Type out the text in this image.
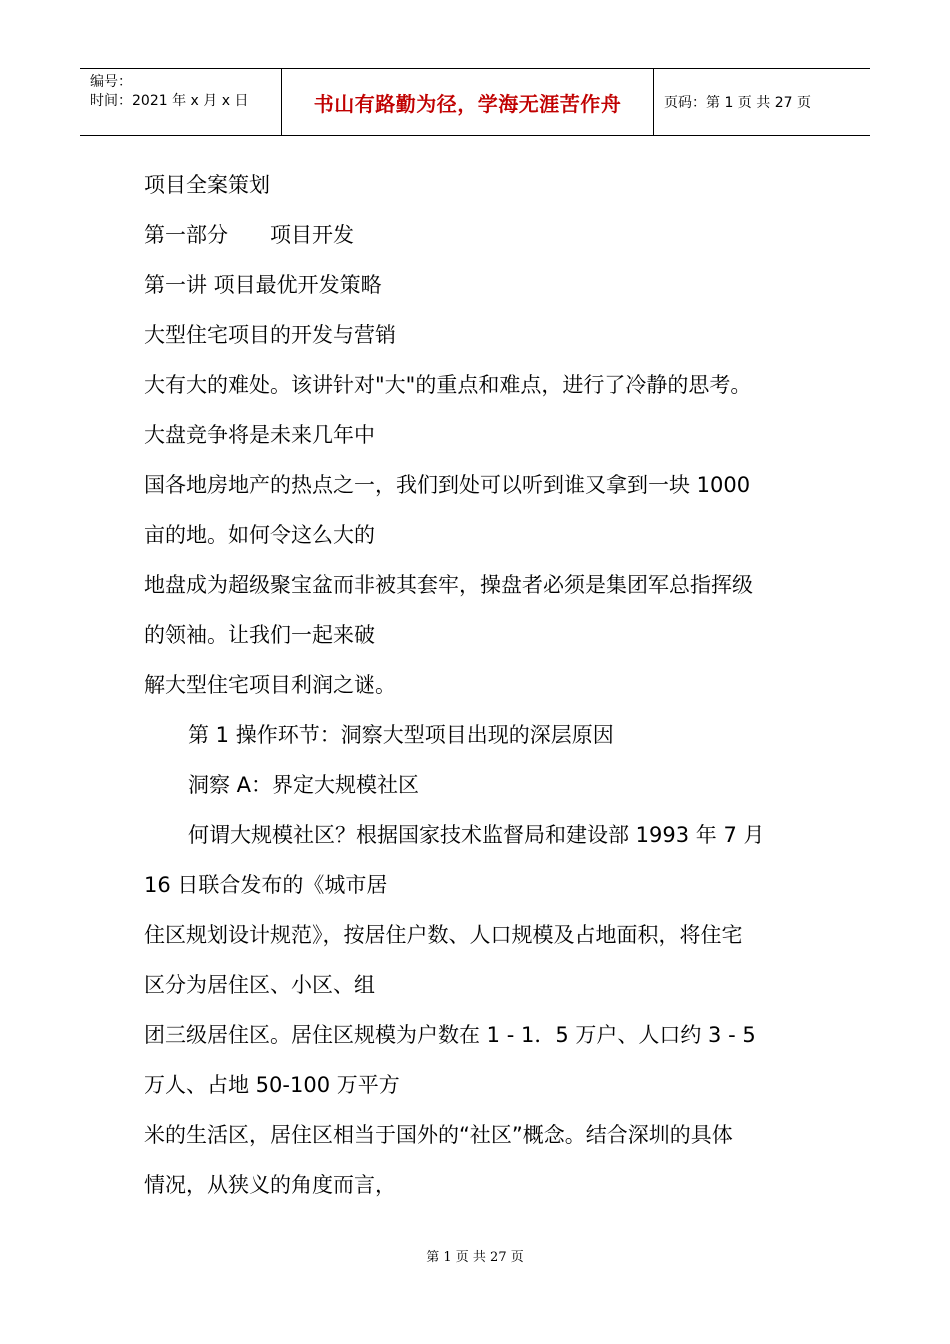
编号：
时间：2021 年 x 月 x 日	书山有路勤为径，学海无涯苦作舟	页码：第 1 页 共 27 页
项目全案策划
第一部分　　项目开发
第一讲 项目最优开发策略
大型住宅项目的开发与营销
大有大的难处。该讲针对"大"的重点和难点，进行了冷静的思考。
大盘竞争将是未来几年中
国各地房地产的热点之一，我们到处可以听到谁又拿到一块 1000
亩的地。如何令这么大的
地盘成为超级聚宝盆而非被其套牢，操盘者必须是集团军总指挥级
的领袖。让我们一起来破
解大型住宅项目利润之谜。
第 1 操作环节：洞察大型项目出现的深层原因
洞察 A：界定大规模社区
何谓大规模社区？根据国家技术监督局和建设部 1993 年 7 月
16 日联合发布的《城市居
住区规划设计规范》，按居住户数、人口规模及占地面积，将住宅
区分为居住区、小区、组
团三级居住区。居住区规模为户数在 1 - 1．5 万户、人口约 3 - 5
万人、占地 50-100 万平方
米的生活区，居住区相当于国外的“社区”概念。结合深圳的具体
情况，从狭义的角度而言，
第 1 页 共 27 页
